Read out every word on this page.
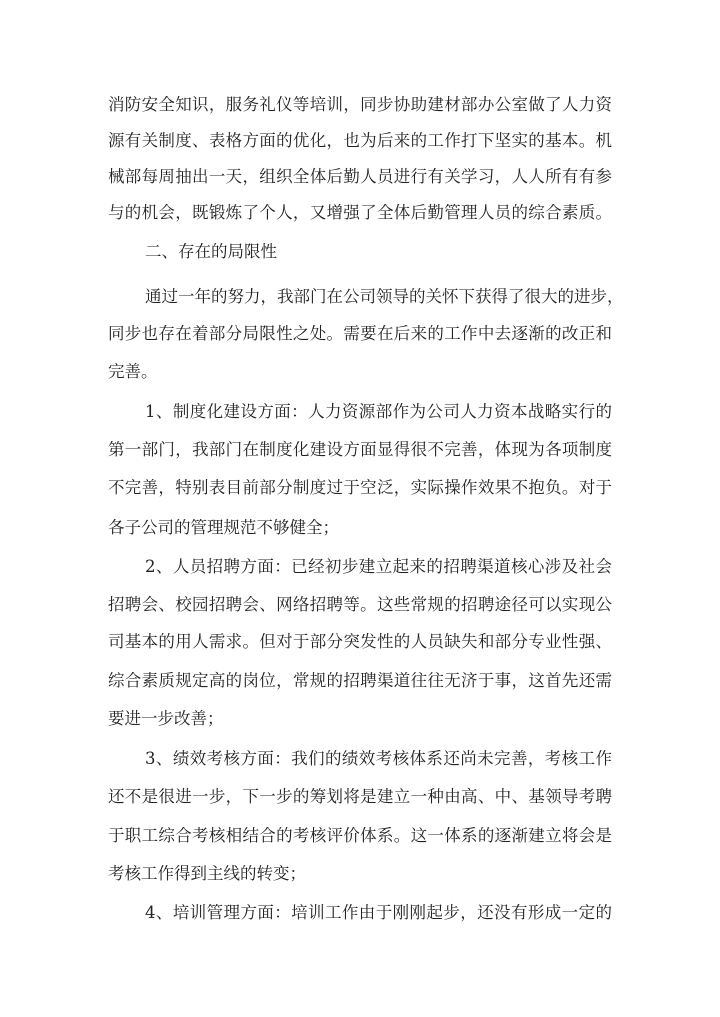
消防安全知识，服务礼仪等培训，同步协助建材部办公室做了人力资
源有关制度、表格方面的优化，也为后来的工作打下坚实的基本。机
械部每周抽出一天，组织全体后勤人员进行有关学习，人人所有有参
与的机会，既锻炼了个人，又增强了全体后勤管理人员的综合素质。
二、存在的局限性
通过一年的努力，我部门在公司领导的关怀下获得了很大的进步，
同步也存在着部分局限性之处。需要在后来的工作中去逐渐的改正和
完善。
1、制度化建设方面：人力资源部作为公司人力资本战略实行的
第一部门，我部门在制度化建设方面显得很不完善，体现为各项制度
不完善，特别表目前部分制度过于空泛，实际操作效果不抱负。对于
各子公司的管理规范不够健全；
2、人员招聘方面：已经初步建立起来的招聘渠道核心涉及社会
招聘会、校园招聘会、网络招聘等。这些常规的招聘途径可以实现公
司基本的用人需求。但对于部分突发性的人员缺失和部分专业性强、
综合素质规定高的岗位，常规的招聘渠道往往无济于事，这首先还需
要进一步改善；
3、绩效考核方面：我们的绩效考核体系还尚未完善，考核工作
还不是很进一步，下一步的筹划将是建立一种由高、中、基领导考聘
于职工综合考核相结合的考核评价体系。这一体系的逐渐建立将会是
考核工作得到主线的转变；
4、培训管理方面：培训工作由于刚刚起步，还没有形成一定的
